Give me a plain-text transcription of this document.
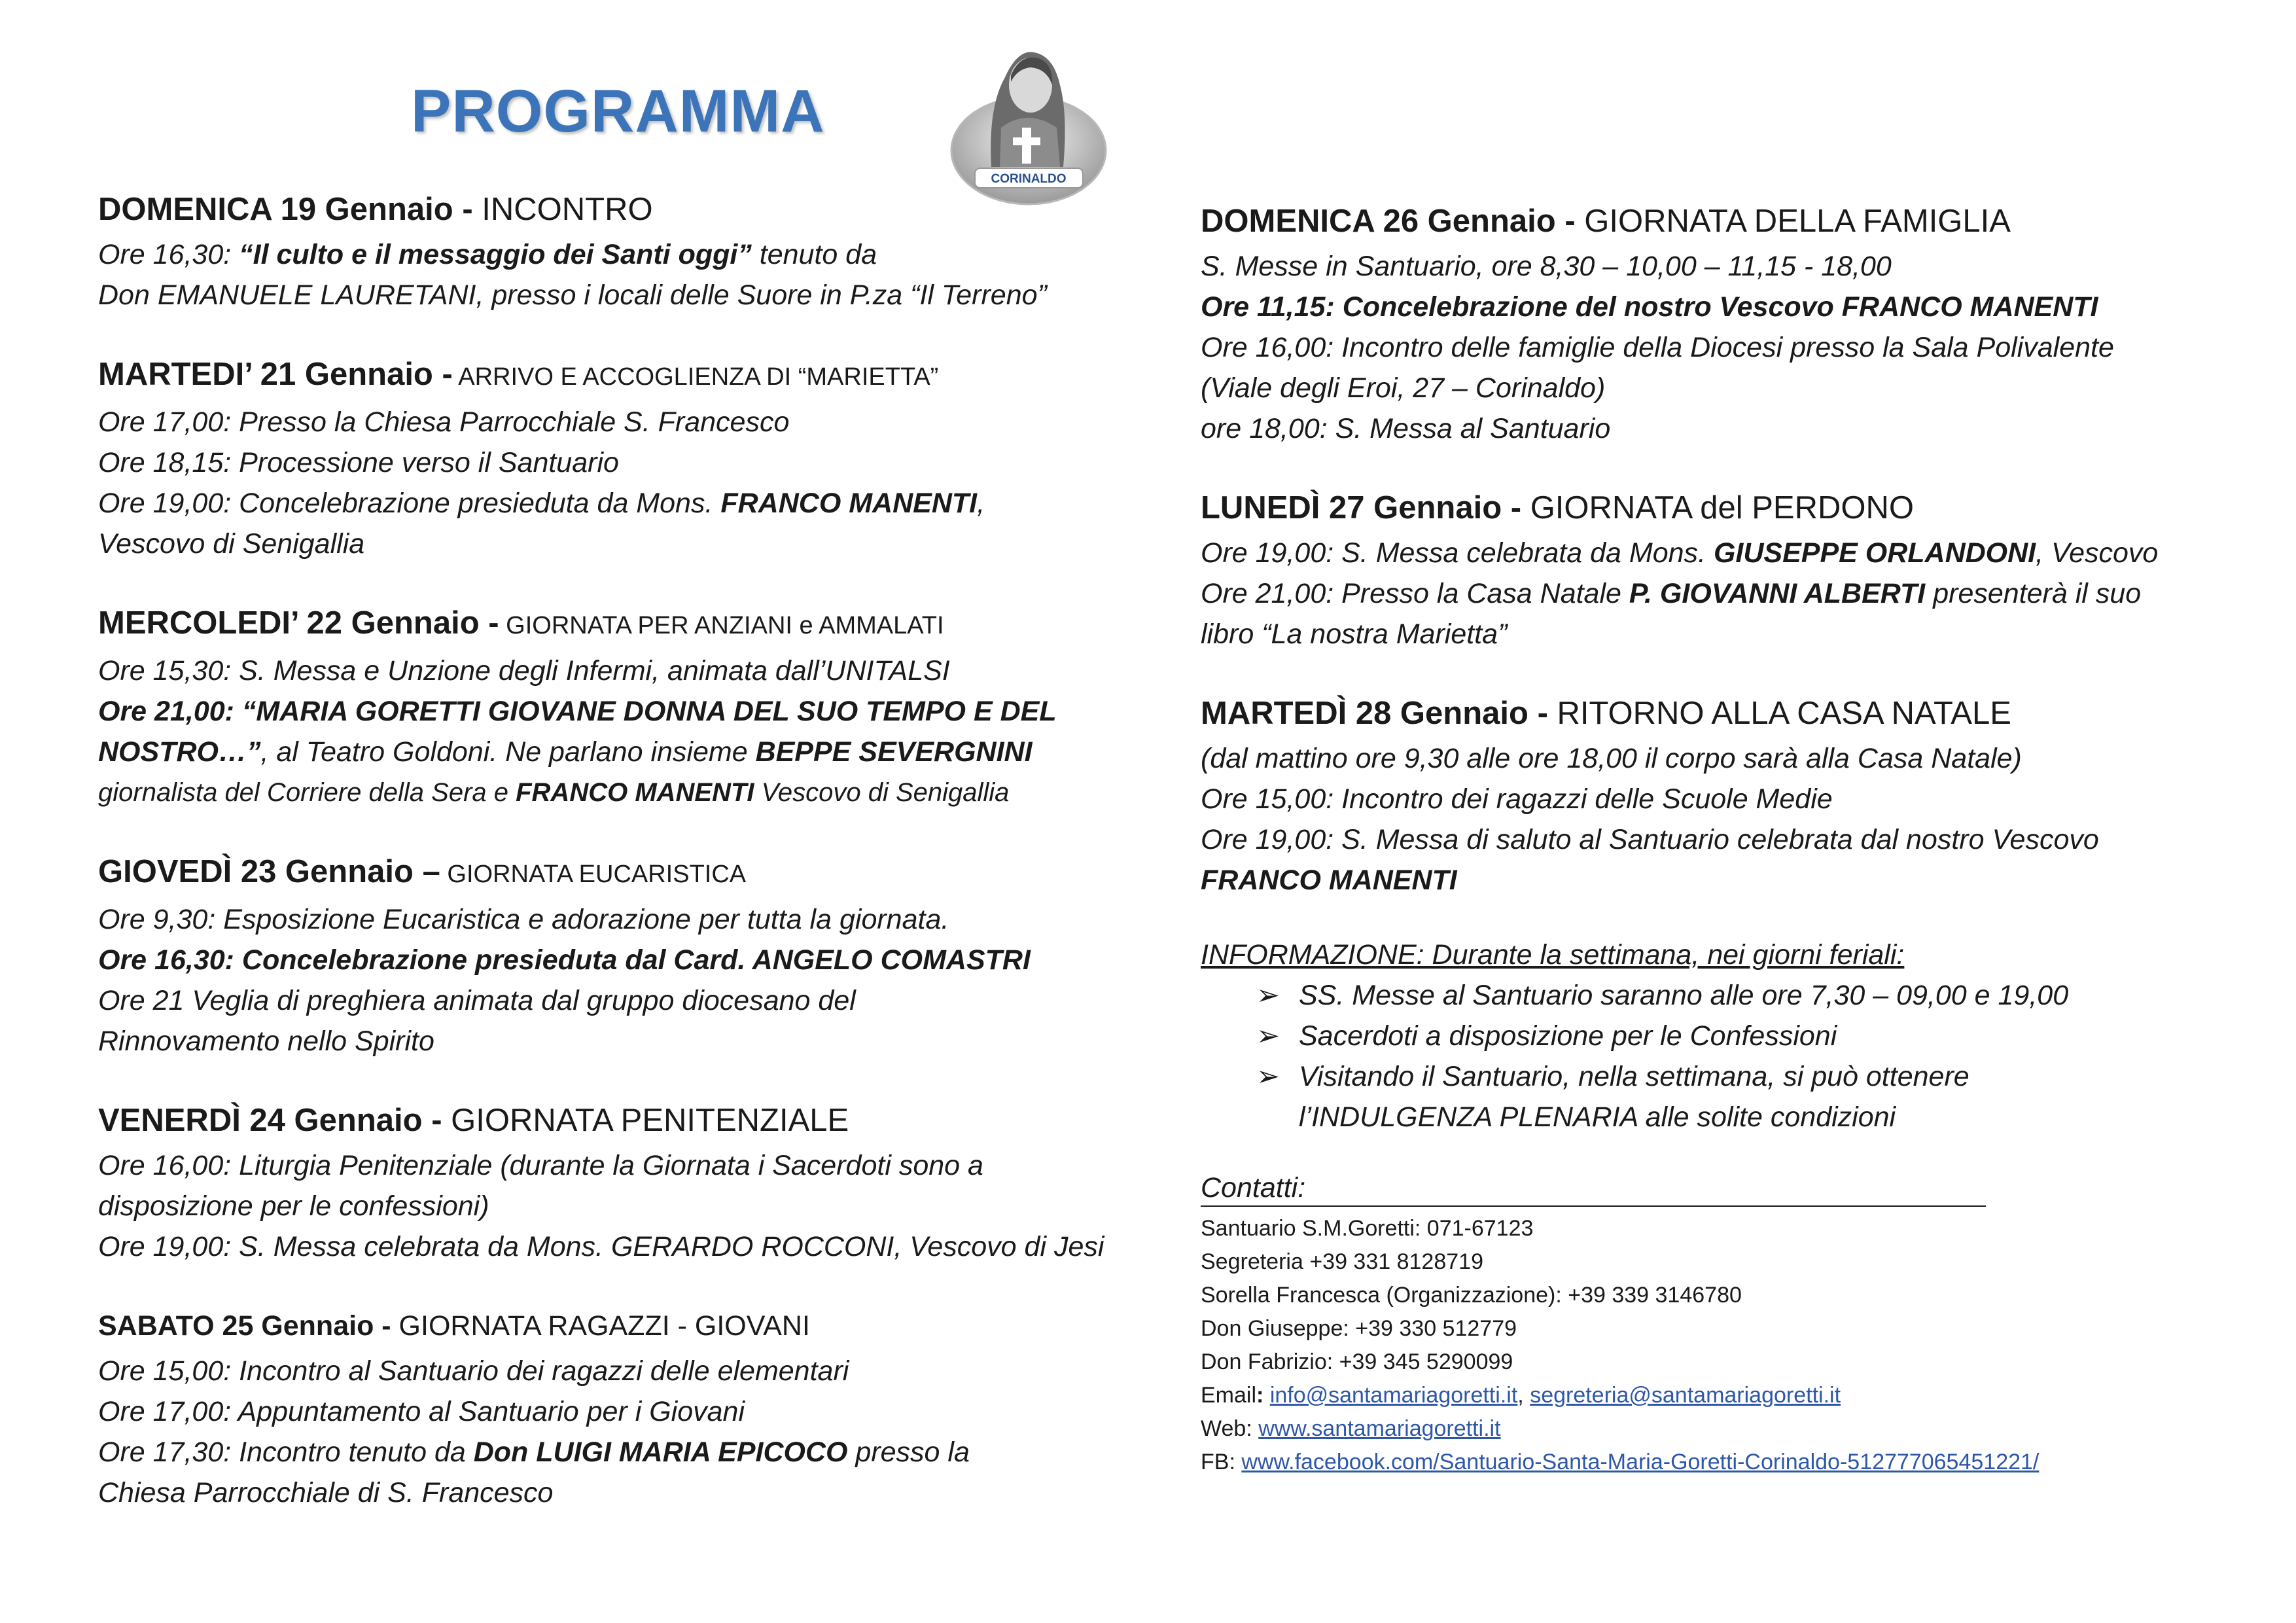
PROGRAMMA
CORINALDO
DOMENICA 19 Gennaio - INCONTRO
Ore 16,30: “Il culto e il messaggio dei Santi oggi” tenuto da
Don EMANUELE LAURETANI, presso i locali delle Suore in P.za “Il Terreno”
MARTEDI’ 21 Gennaio - ARRIVO E ACCOGLIENZA DI “MARIETTA”
Ore 17,00: Presso la Chiesa Parrocchiale S. Francesco
Ore 18,15: Processione verso il Santuario
Ore 19,00: Concelebrazione presieduta da Mons. FRANCO MANENTI,
Vescovo di Senigallia
MERCOLEDI’ 22 Gennaio - GIORNATA PER ANZIANI e AMMALATI
Ore 15,30: S. Messa e Unzione degli Infermi, animata dall’UNITALSI
Ore 21,00: “MARIA GORETTI GIOVANE DONNA DEL SUO TEMPO E DEL
NOSTRO…”, al Teatro Goldoni. Ne parlano insieme BEPPE SEVERGNINI
giornalista del Corriere della Sera e FRANCO MANENTI Vescovo di Senigallia
GIOVEDÌ 23 Gennaio – GIORNATA EUCARISTICA
Ore 9,30: Esposizione Eucaristica e adorazione per tutta la giornata.
Ore 16,30: Concelebrazione presieduta dal Card. ANGELO COMASTRI
Ore 21 Veglia di preghiera animata dal gruppo diocesano del
Rinnovamento nello Spirito
VENERDÌ 24 Gennaio - GIORNATA PENITENZIALE
Ore 16,00: Liturgia Penitenziale (durante la Giornata i Sacerdoti sono a
disposizione per le confessioni)
Ore 19,00: S. Messa celebrata da Mons. GERARDO ROCCONI, Vescovo di Jesi
SABATO 25 Gennaio - GIORNATA RAGAZZI - GIOVANI
Ore 15,00: Incontro al Santuario dei ragazzi delle elementari
Ore 17,00: Appuntamento al Santuario per i Giovani
Ore 17,30: Incontro tenuto da Don LUIGI MARIA EPICOCO presso la
Chiesa Parrocchiale di S. Francesco
DOMENICA 26 Gennaio - GIORNATA DELLA FAMIGLIA
S. Messe in Santuario, ore 8,30 – 10,00 – 11,15 - 18,00
Ore 11,15: Concelebrazione del nostro Vescovo FRANCO MANENTI
Ore 16,00: Incontro delle famiglie della Diocesi presso la Sala Polivalente
(Viale degli Eroi, 27 – Corinaldo)
ore 18,00: S. Messa al Santuario
LUNEDÌ 27 Gennaio - GIORNATA del PERDONO
Ore 19,00: S. Messa celebrata da Mons. GIUSEPPE ORLANDONI, Vescovo
Ore 21,00: Presso la Casa Natale P. GIOVANNI ALBERTI presenterà il suo
libro “La nostra Marietta”
MARTEDÌ 28 Gennaio - RITORNO ALLA CASA NATALE
(dal mattino ore 9,30 alle ore 18,00 il corpo sarà alla Casa Natale)
Ore 15,00: Incontro dei ragazzi delle Scuole Medie
Ore 19,00: S. Messa di saluto al Santuario celebrata dal nostro Vescovo
FRANCO MANENTI
INFORMAZIONE: Durante la settimana, nei giorni feriali:
➢ SS. Messe al Santuario saranno alle ore 7,30 – 09,00 e 19,00
➢ Sacerdoti a disposizione per le Confessioni
➢ Visitando il Santuario, nella settimana, si può ottenere
l’INDULGENZA PLENARIA alle solite condizioni
Contatti:
Santuario S.M.Goretti: 071-67123
Segreteria +39 331 8128719
Sorella Francesca (Organizzazione): +39 339 3146780
Don Giuseppe: +39 330 512779
Don Fabrizio: +39 345 5290099
Email: info@santamariagoretti.it, segreteria@santamariagoretti.it
Web: www.santamariagoretti.it
FB: www.facebook.com/Santuario-Santa-Maria-Goretti-Corinaldo-512777065451221/
